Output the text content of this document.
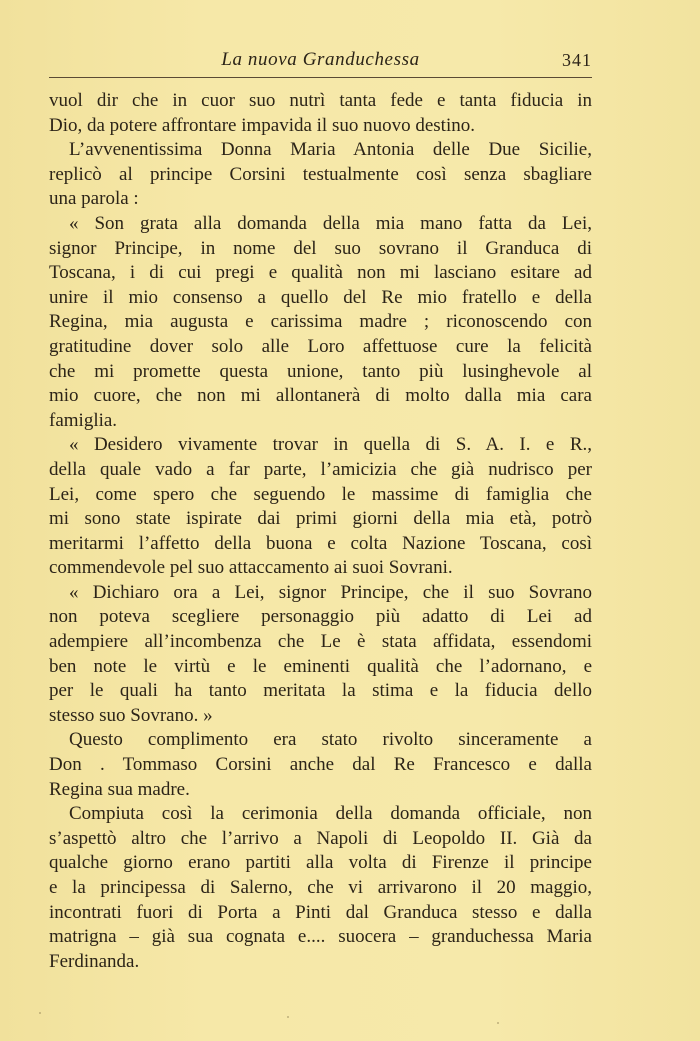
La nuova Granduchessa	341
vuol dir che in cuor suo nutrì tanta fede e tanta fiducia in
Dio, da potere affrontare impavida il suo nuovo destino.
L’avvenentissima Donna Maria Antonia delle Due Sicilie,
replicò al principe Corsini testualmente così senza sbagliare
una parola :
« Son grata alla domanda della mia mano fatta da Lei,
signor Principe, in nome del suo sovrano il Granduca di
Toscana, i di cui pregi e qualità non mi lasciano esitare ad
unire il mio consenso a quello del Re mio fratello e della
Regina, mia augusta e carissima madre ; riconoscendo con
gratitudine dover solo alle Loro affettuose cure la felicità
che mi promette questa unione, tanto più lusinghevole al
mio cuore, che non mi allontanerà di molto dalla mia cara
famiglia.
« Desidero vivamente trovar in quella di S. A. I. e R.,
della quale vado a far parte, l’amicizia che già nudrisco per
Lei, come spero che seguendo le massime di famiglia che
mi sono state ispirate dai primi giorni della mia età, potrò
meritarmi l’affetto della buona e colta Nazione Toscana, così
commendevole pel suo attaccamento ai suoi Sovrani.
« Dichiaro ora a Lei, signor Principe, che il suo Sovrano
non poteva scegliere personaggio più adatto di Lei ad
adempiere all’incombenza che Le è stata affidata, essendomi
ben note le virtù e le eminenti qualità che l’adornano, e
per le quali ha tanto meritata la stima e la fiducia dello
stesso suo Sovrano. »
Questo complimento era stato rivolto sinceramente a
Don . Tommaso Corsini anche dal Re Francesco e dalla
Regina sua madre.
Compiuta così la cerimonia della domanda officiale, non
s’aspettò altro che l’arrivo a Napoli di Leopoldo II. Già da
qualche giorno erano partiti alla volta di Firenze il principe
e la principessa di Salerno, che vi arrivarono il 20 maggio,
incontrati fuori di Porta a Pinti dal Granduca stesso e dalla
matrigna – già sua cognata e.... suocera – granduchessa Maria
Ferdinanda.
